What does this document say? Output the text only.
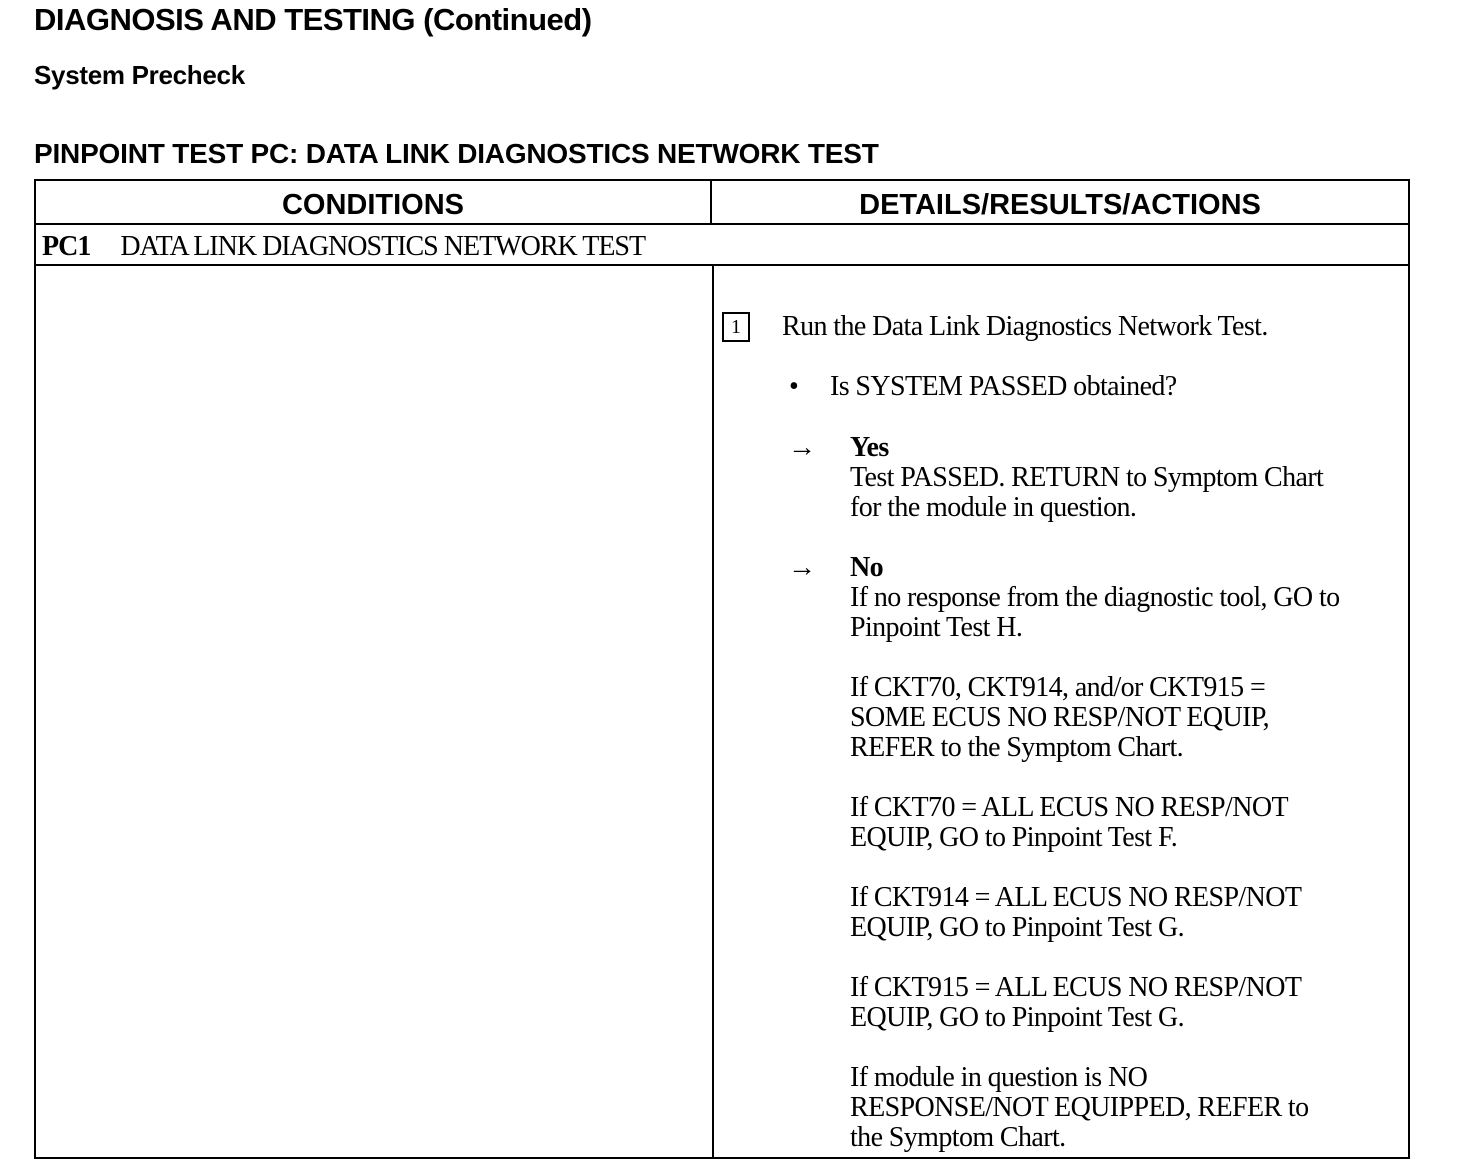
DIAGNOSIS AND TESTING (Continued)
System Precheck
PINPOINT TEST PC: DATA LINK DIAGNOSTICS NETWORK TEST
CONDITIONS	DETAILS/RESULTS/ACTIONS
PC1 DATA LINK DIAGNOSTICS NETWORK TEST
1	Run the Data Link Diagnostics Network Test.
• Is SYSTEM PASSED obtained?
→ Yes
Test PASSED. RETURN to Symptom Chart
for the module in question.
→ No
If no response from the diagnostic tool, GO to
Pinpoint Test H.
If CKT70, CKT914, and/or CKT915 =
SOME ECUS NO RESP/NOT EQUIP,
REFER to the Symptom Chart.
If CKT70 = ALL ECUS NO RESP/NOT
EQUIP, GO to Pinpoint Test F.
If CKT914 = ALL ECUS NO RESP/NOT
EQUIP, GO to Pinpoint Test G.
If CKT915 = ALL ECUS NO RESP/NOT
EQUIP, GO to Pinpoint Test G.
If module in question is NO
RESPONSE/NOT EQUIPPED, REFER to
the Symptom Chart.
